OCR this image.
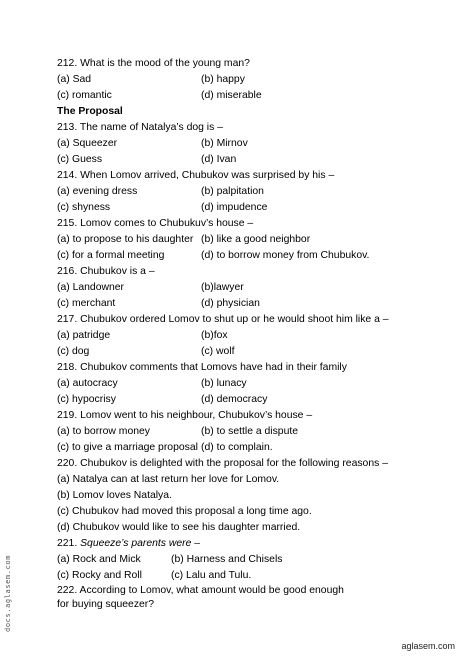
212. What is the mood of the young man?
(a) Sad	(b) happy
(c) romantic	(d) miserable
The Proposal
213. The name of Natalya’s dog is –
(a) Squeezer	(b) Mirnov
(c) Guess	(d) Ivan
214. When Lomov arrived, Chubukov was surprised by his –
(a) evening dress	(b) palpitation
(c) shyness	(d) impudence
215. Lomov comes to Chubukuv’s house –
(a) to propose to his daughter (b) like a good neighbor
(c) for a formal meeting	(d) to borrow money from Chubukov.
216. Chubukov is a –
(a) Landowner	(b)lawyer
(c) merchant	(d) physician
217. Chubukov ordered Lomov to shut up or he would shoot him like a –
(a) patridge	(b)fox
(c) dog	(c) wolf
218. Chubukov comments that Lomovs have had in their family
(a) autocracy	(b) lunacy
(c) hypocrisy	(d) democracy
219. Lomov went to his neighbour, Chubukov’s house –
(a) to borrow money	(b) to settle a dispute
(c) to give a marriage proposal (d) to complain.
220. Chubukov is delighted with the proposal for the following reasons –
(a) Natalya can at last return her love for Lomov.
(b) Lomov loves Natalya.
(c) Chubukov had moved this proposal a long time ago.
(d) Chubukov would like to see his daughter married.
221. Squeeze’s parents were –
(a) Rock and Mick	(b) Harness and Chisels
(c) Rocky and Roll	(c) Lalu and Tulu.
222. According to Lomov, what amount would be good enough for buying squeezer?
docs.aglasem.com
aglasem.com
